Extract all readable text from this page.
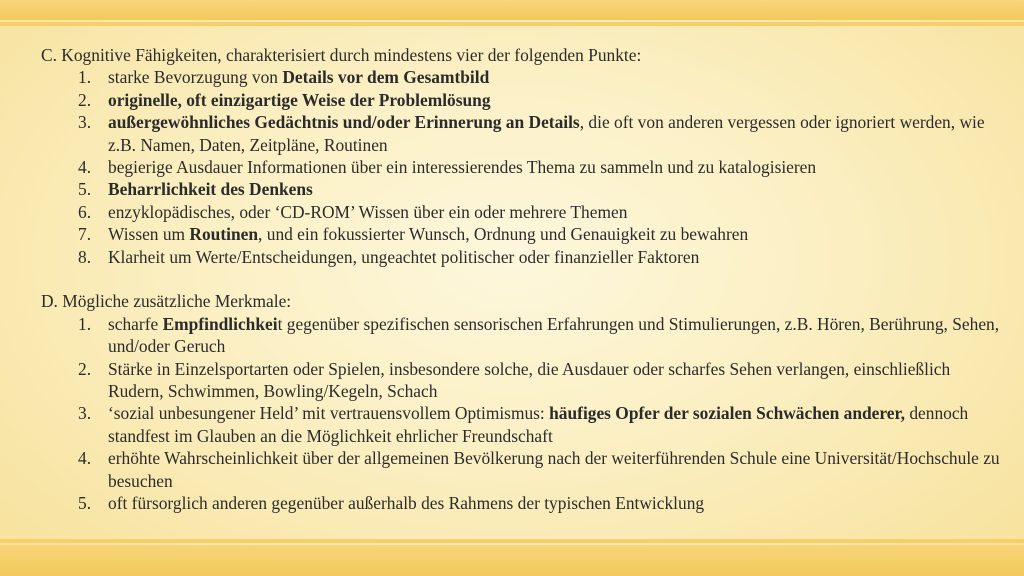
C. Kognitive Fähigkeiten, charakterisiert durch mindestens vier der folgenden Punkte:

1. starke Bevorzugung von Details vor dem Gesamtbild
2. originelle, oft einzigartige Weise der Problemlösung
3. außergewöhnliches Gedächtnis und/oder Erinnerung an Details, die oft von anderen vergessen oder ignoriert werden, wie z.B. Namen, Daten, Zeitpläne, Routinen
4. begierige Ausdauer Informationen über ein interessierendes Thema zu sammeln und zu katalogisieren
5. Beharrlichkeit des Denkens
6. enzyklopädisches, oder ‘CD-ROM’ Wissen über ein oder mehrere Themen
7. Wissen um Routinen, und ein fokussierter Wunsch, Ordnung und Genauigkeit zu bewahren
8. Klarheit um Werte/Entscheidungen, ungeachtet politischer oder finanzieller Faktoren

D. Mögliche zusätzliche Merkmale:

1. scharfe Empfindlichkeit gegenüber spezifischen sensorischen Erfahrungen und Stimulierungen, z.B. Hören, Berührung, Sehen, und/oder Geruch
2. Stärke in Einzelsportarten oder Spielen, insbesondere solche, die Ausdauer oder scharfes Sehen verlangen, einschließlich Rudern, Schwimmen, Bowling/Kegeln, Schach
3. ‘sozial unbesungener Held’ mit vertrauensvollem Optimismus: häufiges Opfer der sozialen Schwächen anderer, dennoch standfest im Glauben an die Möglichkeit ehrlicher Freundschaft
4. erhöhte Wahrscheinlichkeit über der allgemeinen Bevölkerung nach der weiterführenden Schule eine Universität/Hochschule zu besuchen
5. oft fürsorglich anderen gegenüber außerhalb des Rahmens der typischen Entwicklung
